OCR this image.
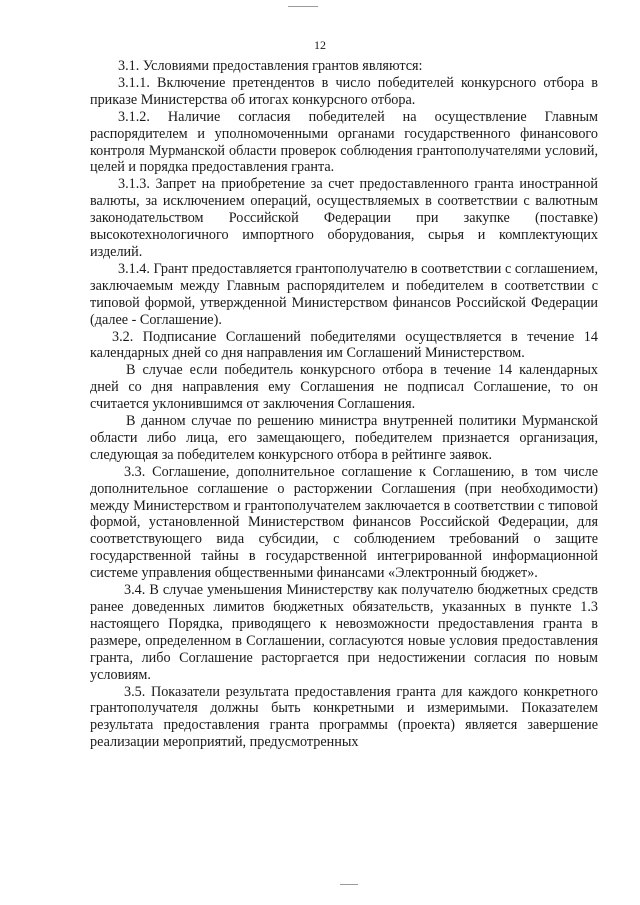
12

3.1. Условиями предоставления грантов являются:

3.1.1. Включение претендентов в число победителей конкурсного отбора в приказе Министерства об итогах конкурсного отбора.

3.1.2. Наличие согласия победителей на осуществление Главным распорядителем и уполномоченными органами государственного финансового контроля Мурманской области проверок соблюдения грантополучателями условий, целей и порядка предоставления гранта.

3.1.3. Запрет на приобретение за счет предоставленного гранта иностранной валюты, за исключением операций, осуществляемых в соответствии с валютным законодательством Российской Федерации при закупке (поставке) высокотехнологичного импортного оборудования, сырья и комплектующих изделий.

3.1.4. Грант предоставляется грантополучателю в соответствии с соглашением, заключаемым между Главным распорядителем и победителем в соответствии с типовой формой, утвержденной Министерством финансов Российской Федерации (далее - Соглашение).

3.2. Подписание Соглашений победителями осуществляется в течение 14 календарных дней со дня направления им Соглашений Министерством.

В случае если победитель конкурсного отбора в течение 14 календарных дней со дня направления ему Соглашения не подписал Соглашение, то он считается уклонившимся от заключения Соглашения.

В данном случае по решению министра внутренней политики Мурманской области либо лица, его замещающего, победителем признается организация, следующая за победителем конкурсного отбора в рейтинге заявок.

3.3. Соглашение, дополнительное соглашение к Соглашению, в том числе дополнительное соглашение о расторжении Соглашения (при необходимости) между Министерством и грантополучателем заключается в соответствии с типовой формой, установленной Министерством финансов Российской Федерации, для соответствующего вида субсидии, с соблюдением требований о защите государственной тайны в государственной интегрированной информационной системе управления общественными финансами «Электронный бюджет».

3.4. В случае уменьшения Министерству как получателю бюджетных средств ранее доведенных лимитов бюджетных обязательств, указанных в пункте 1.3 настоящего Порядка, приводящего к невозможности предоставления гранта в размере, определенном в Соглашении, согласуются новые условия предоставления гранта, либо Соглашение расторгается при недостижении согласия по новым условиям.

3.5. Показатели результата предоставления гранта для каждого конкретного грантополучателя должны быть конкретными и измеримыми. Показателем результата предоставления гранта программы (проекта) является завершение реализации мероприятий, предусмотренных
